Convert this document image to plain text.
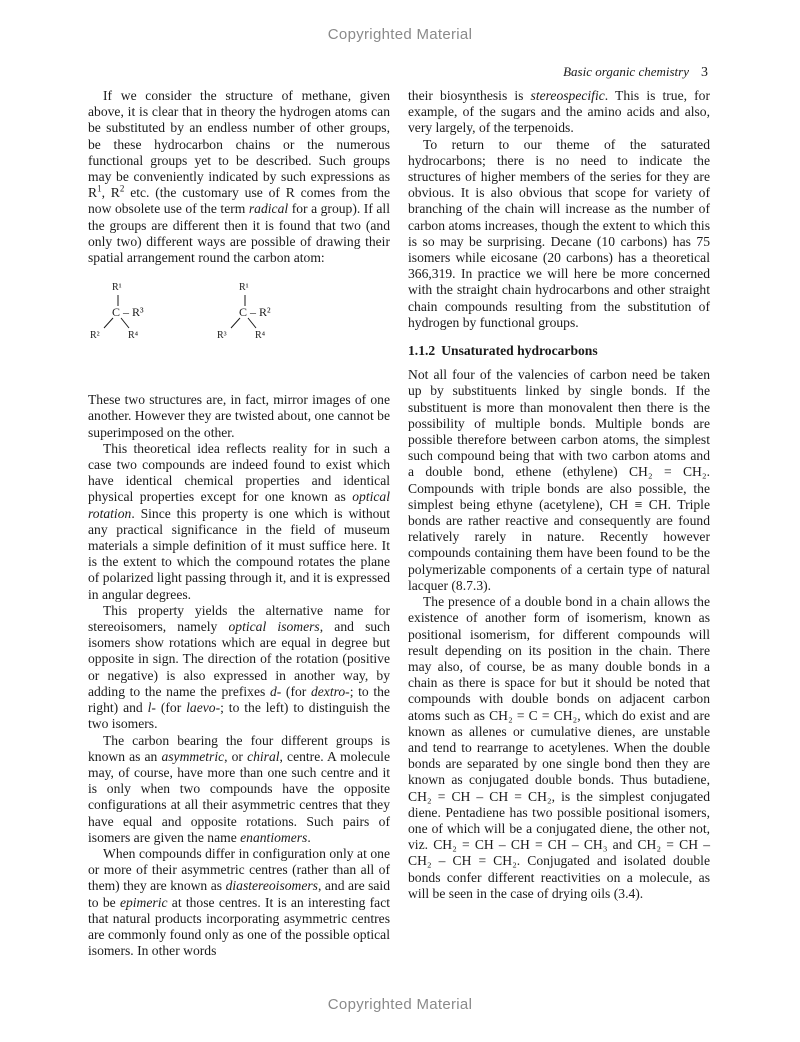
Copyrighted Material
Basic organic chemistry 3

If we consider the structure of methane, given above, it is clear that in theory the hydrogen atoms can be substituted by an endless number of other groups, be these hydrocarbon chains or the numerous functional groups yet to be described. Such groups may be conveniently indicated by such expressions as $R^1$, $R^2$ etc. (the customary use of R comes from the now obsolete use of the term radical for a group). If all the groups are different then it is found that two (and only two) different ways are possible of drawing their spatial arrangement round the carbon atom:

R¹
C – R³
R²	R⁴
R¹
C – R²
R³	R⁴

These two structures are, in fact, mirror images of one another. However they are twisted about, one cannot be superimposed on the other.

This theoretical idea reflects reality for in such a case two compounds are indeed found to exist which have identical chemical properties and identical physical properties except for one known as optical rotation. Since this property is one which is without any practical significance in the field of museum materials a simple definition of it must suffice here. It is the extent to which the compound rotates the plane of polarized light passing through it, and it is expressed in angular degrees.

This property yields the alternative name for stereoisomers, namely optical isomers, and such isomers show rotations which are equal in degree but opposite in sign. The direction of the rotation (positive or negative) is also expressed in another way, by adding to the name the prefixes d- (for dextro-; to the right) and l- (for laevo-; to the left) to distinguish the two isomers.

The carbon bearing the four different groups is known as an asymmetric, or chiral, centre. A molecule may, of course, have more than one such centre and it is only when two compounds have the opposite configurations at all their asymmetric centres that they have equal and opposite rotations. Such pairs of isomers are given the name enantiomers.

When compounds differ in configuration only at one or more of their asymmetric centres (rather than all of them) they are known as diastereoisomers, and are said to be epimeric at those centres. It is an interesting fact that natural products incorporating asymmetric centres are commonly found only as one of the possible optical isomers. In other words

their biosynthesis is stereospecific. This is true, for example, of the sugars and the amino acids and also, very largely, of the terpenoids.

To return to our theme of the saturated hydrocarbons; there is no need to indicate the structures of higher members of the series for they are obvious. It is also obvious that scope for variety of branching of the chain will increase as the number of carbon atoms increases, though the extent to which this is so may be surprising. Decane (10 carbons) has 75 isomers while eicosane (20 carbons) has a theoretical 366,319. In practice we will here be more concerned with the straight chain hydrocarbons and other straight chain compounds resulting from the substitution of hydrogen by functional groups.

1.1.2 Unsaturated hydrocarbons

Not all four of the valencies of carbon need be taken up by substituents linked by single bonds. If the substituent is more than monovalent then there is the possibility of multiple bonds. Multiple bonds are possible therefore between carbon atoms, the simplest such compound being that with two carbon atoms and a double bond, ethene (ethylene) CH₂ = CH₂. Compounds with triple bonds are also possible, the simplest being ethyne (acetylene), CH ≡ CH. Triple bonds are rather reactive and consequently are found relatively rarely in nature. Recently however compounds containing them have been found to be the polymerizable components of a certain type of natural lacquer (8.7.3).

The presence of a double bond in a chain allows the existence of another form of isomerism, known as positional isomerism, for different compounds will result depending on its position in the chain. There may also, of course, be as many double bonds in a chain as there is space for but it should be noted that compounds with double bonds on adjacent carbon atoms such as CH₂ = C = CH₂, which do exist and are known as allenes or cumulative dienes, are unstable and tend to rearrange to acetylenes. When the double bonds are separated by one single bond then they are known as conjugated double bonds. Thus butadiene, CH₂ = CH – CH = CH₂, is the simplest conjugated diene. Pentadiene has two possible positional isomers, one of which will be a conjugated diene, the other not, viz. CH₂ = CH – CH = CH – CH₃ and CH₂ = CH – CH₂ – CH = CH₂. Conjugated and isolated double bonds confer different reactivities on a molecule, as will be seen in the case of drying oils (3.4).

Copyrighted Material
